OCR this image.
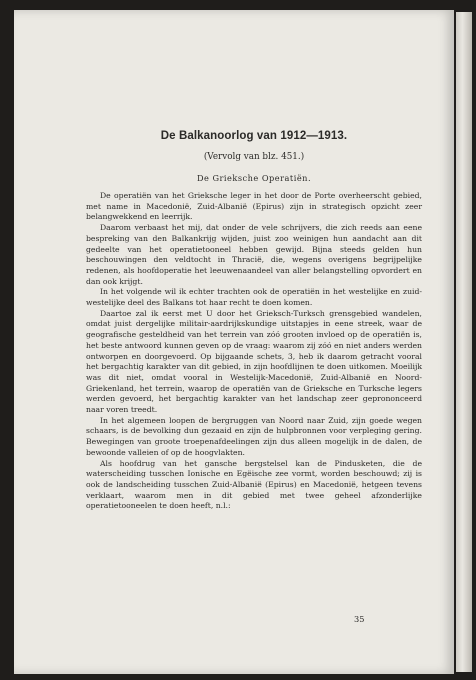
De Balkanoorlog van 1912—1913.
(Vervolg van blz. 451.)
De Grieksche Operatiën.

De operatiën van het Grieksche leger in het door de Porte overheerscht gebied, met name in Macedonië, Zuid-Albanië (Epirus) zijn in strategisch opzicht zeer belangwekkend en leerrijk.

Daarom verbaast het mij, dat onder de vele schrijvers, die zich reeds aan eene bespreking van den Balkankrijg wijden, juist zoo weinigen hun aandacht aan dit gedeelte van het operatietooneel hebben gewijd. Bijna steeds gelden hun beschouwingen den veldtocht in Thracië, die, wegens overigens begrijpelijke redenen, als hoofdoperatie het leeuwenaandeel van aller belangstelling opvordert en dan ook krijgt.

In het volgende wil ik echter trachten ook de operatiën in het westelijke en zuid-westelijke deel des Balkans tot haar recht te doen komen.

Daartoe zal ik eerst met U door het Grieksch-Turksch grensgebied wandelen, omdat juist dergelijke militair-aardrijkskundige uitstapjes in eene streek, waar de geografische gesteldheid van het terrein van zóó grooten invloed op de operatiën is, het beste antwoord kunnen geven op de vraag: waarom zij zóó en niet anders werden ontworpen en doorgevoerd. Op bijgaande schets, 3, heb ik daarom getracht vooral het bergachtig karakter van dit gebied, in zijn hoofdlijnen te doen uitkomen. Moeilijk was dit niet, omdat vooral in Westelijk-Macedonië, Zuid-Albanië en Noord-Griekenland, het terrein, waarop de operatiën van de Grieksche en Turksche legers werden gevoerd, het bergachtig karakter van het landschap zeer geprononceerd naar voren treedt.

In het algemeen loopen de bergruggen van Noord naar Zuid, zijn goede wegen schaars, is de bevolking dun gezaaid en zijn de hulpbronnen voor verpleging gering. Bewegingen van groote troepenafdeelingen zijn dus alleen mogelijk in de dalen, de bewoonde valleien of op de hoogvlakten.

Als hoofdrug van het gansche bergstelsel kan de Pindusketen, die de waterscheiding tusschen Ionische en Egëische zee vormt, worden beschouwd; zij is ook de landscheiding tusschen Zuid-Albanië (Epirus) en Macedonië, hetgeen tevens verklaart, waarom men in dit gebied met twee geheel afzonderlijke operatietooneelen te doen heeft, n.l.:

35
